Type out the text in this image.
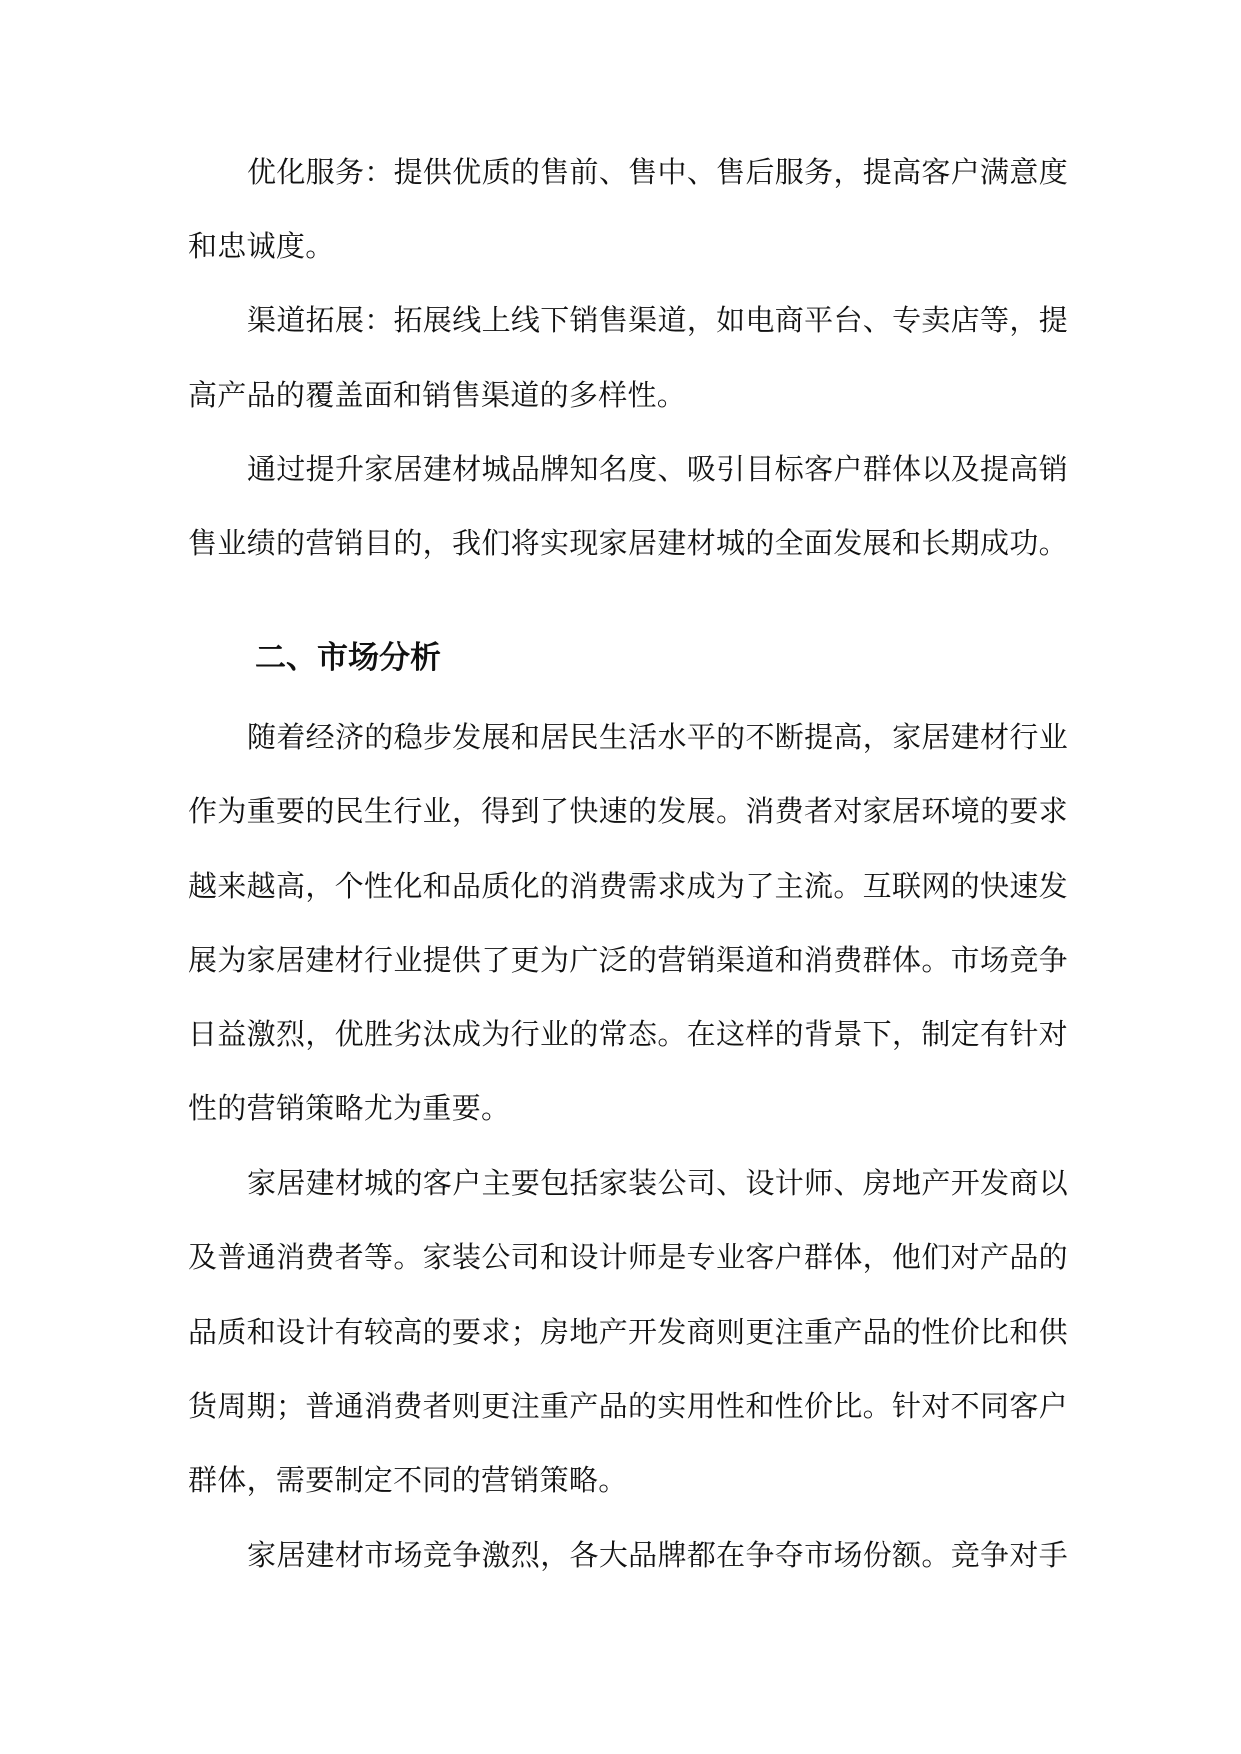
优化服务：提供优质的售前、售中、售后服务，提高客户满意度
和忠诚度。
渠道拓展：拓展线上线下销售渠道，如电商平台、专卖店等，提
高产品的覆盖面和销售渠道的多样性。
通过提升家居建材城品牌知名度、吸引目标客户群体以及提高销
售业绩的营销目的，我们将实现家居建材城的全面发展和长期成功。
二、市场分析
随着经济的稳步发展和居民生活水平的不断提高，家居建材行业
作为重要的民生行业，得到了快速的发展。消费者对家居环境的要求
越来越高，个性化和品质化的消费需求成为了主流。互联网的快速发
展为家居建材行业提供了更为广泛的营销渠道和消费群体。市场竞争
日益激烈，优胜劣汰成为行业的常态。在这样的背景下，制定有针对
性的营销策略尤为重要。
家居建材城的客户主要包括家装公司、设计师、房地产开发商以
及普通消费者等。家装公司和设计师是专业客户群体，他们对产品的
品质和设计有较高的要求；房地产开发商则更注重产品的性价比和供
货周期；普通消费者则更注重产品的实用性和性价比。针对不同客户
群体，需要制定不同的营销策略。
家居建材市场竞争激烈，各大品牌都在争夺市场份额。竞争对手
